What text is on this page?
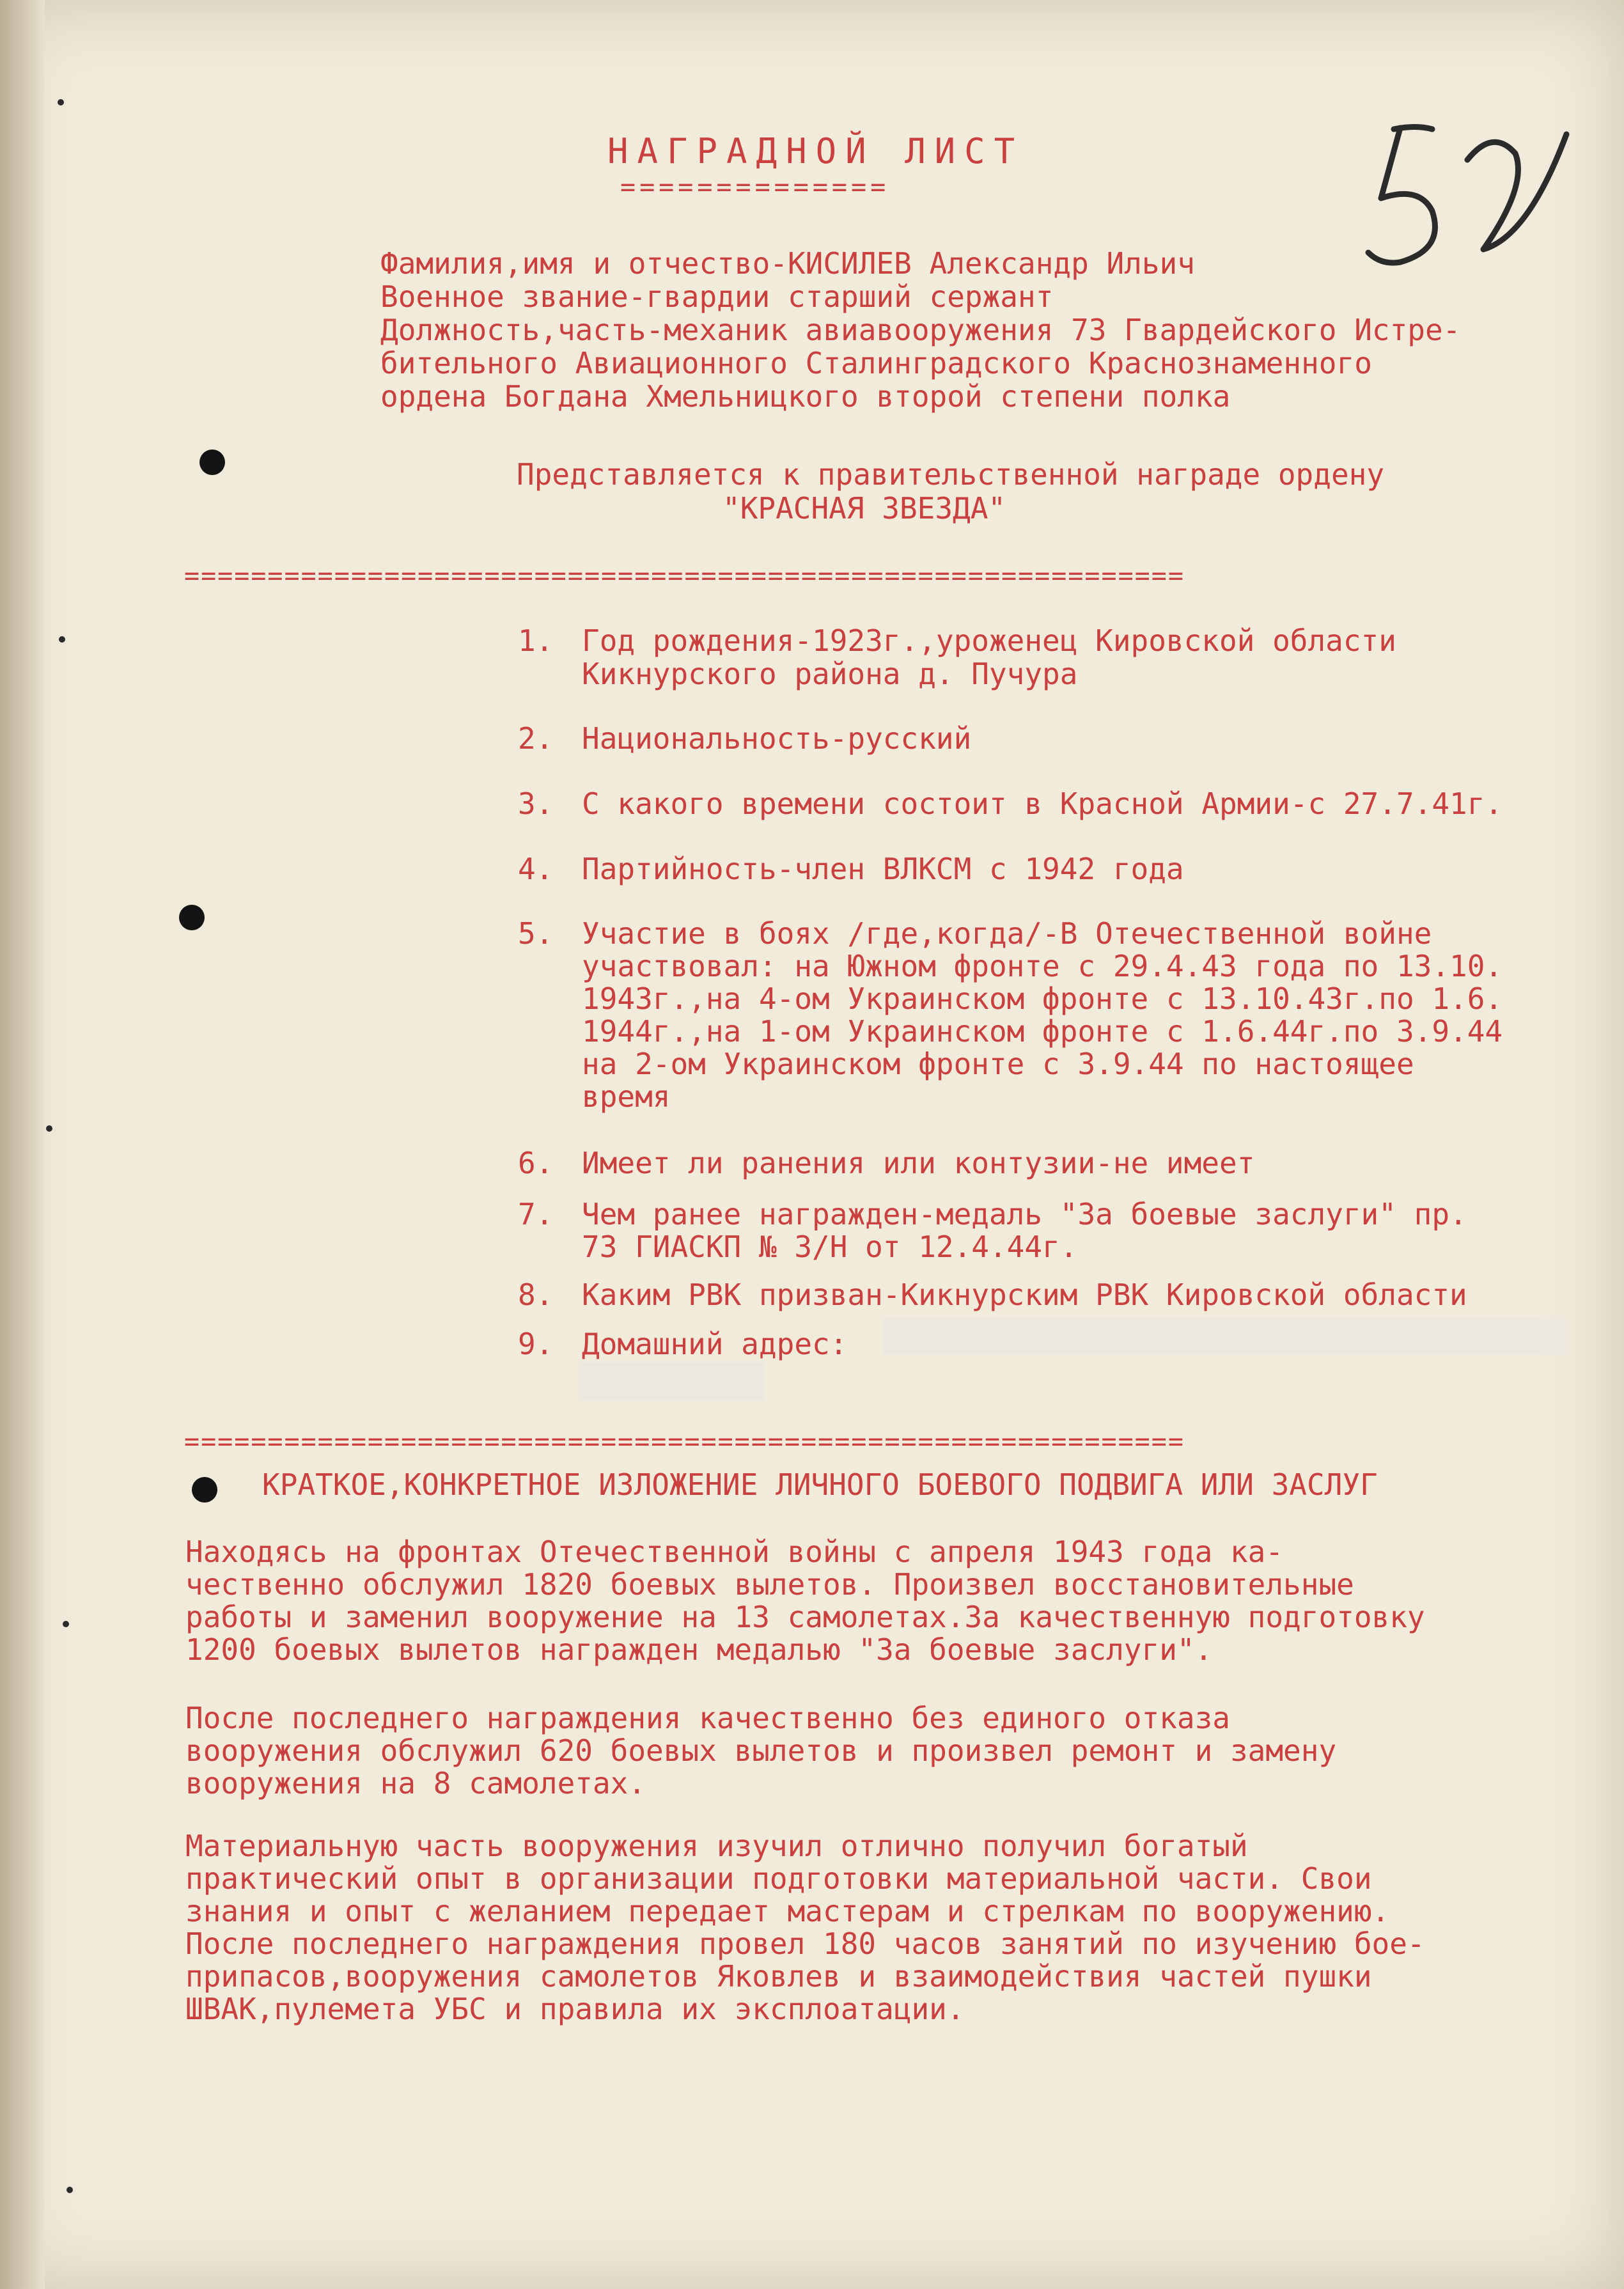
НАГРАДНОЙ ЛИСТ

==============

Фамилия,имя и отчество-КИСИЛЕВ Александр Ильич

Военное звание-гвардии старший сержант

Должность,часть-механик авиавооружения 73 Гвардейского Истре-

бительного Авиационного Сталинградского Краснознаменного

ордена Богдана Хмельницкого второй степени полка

Представляется к правительственной награде ордену

"КРАСНАЯ ЗВЕЗДА"

============================================================

1. Год рождения-1923г.,уроженец Кировской области

Кикнурского района д. Пучура

2. Национальность-русский

3. С какого времени состоит в Красной Армии-с 27.7.41г.

4. Партийность-член ВЛКСМ с 1942 года

5. Участие в боях /где,когда/-В Отечественной войне

участвовал: на Южном фронте с 29.4.43 года по 13.10.

1943г.,на 4-ом Украинском фронте с 13.10.43г.по 1.6.

1944г.,на 1-ом Украинском фронте с 1.6.44г.по 3.9.44

на 2-ом Украинском фронте с 3.9.44 по настоящее

время

6. Имеет ли ранения или контузии-не имеет

7. Чем ранее награжден-медаль "За боевые заслуги" пр.

73 ГИАСКП № 3/Н от 12.4.44г.

8. Каким РВК призван-Кикнурским РВК Кировской области

9. Домашний адрес:

============================================================

КРАТКОЕ,КОНКРЕТНОЕ ИЗЛОЖЕНИЕ ЛИЧНОГО БОЕВОГО ПОДВИГА ИЛИ ЗАСЛУГ

Находясь на фронтах Отечественной войны с апреля 1943 года ка-

чественно обслужил 1820 боевых вылетов. Произвел восстановительные

работы и заменил вооружение на 13 самолетах.За качественную подготовку

1200 боевых вылетов награжден медалью "За боевые заслуги".

После последнего награждения качественно без единого отказа

вооружения обслужил 620 боевых вылетов и произвел ремонт и замену

вооружения на 8 самолетах.

Материальную часть вооружения изучил отлично получил богатый

практический опыт в организации подготовки материальной части. Свои

знания и опыт с желанием передает мастерам и стрелкам по вооружению.

После последнего награждения провел 180 часов занятий по изучению бое-

припасов,вооружения самолетов Яковлев и взаимодействия частей пушки

ШВАК,пулемета УБС и правила их эксплоатации.
